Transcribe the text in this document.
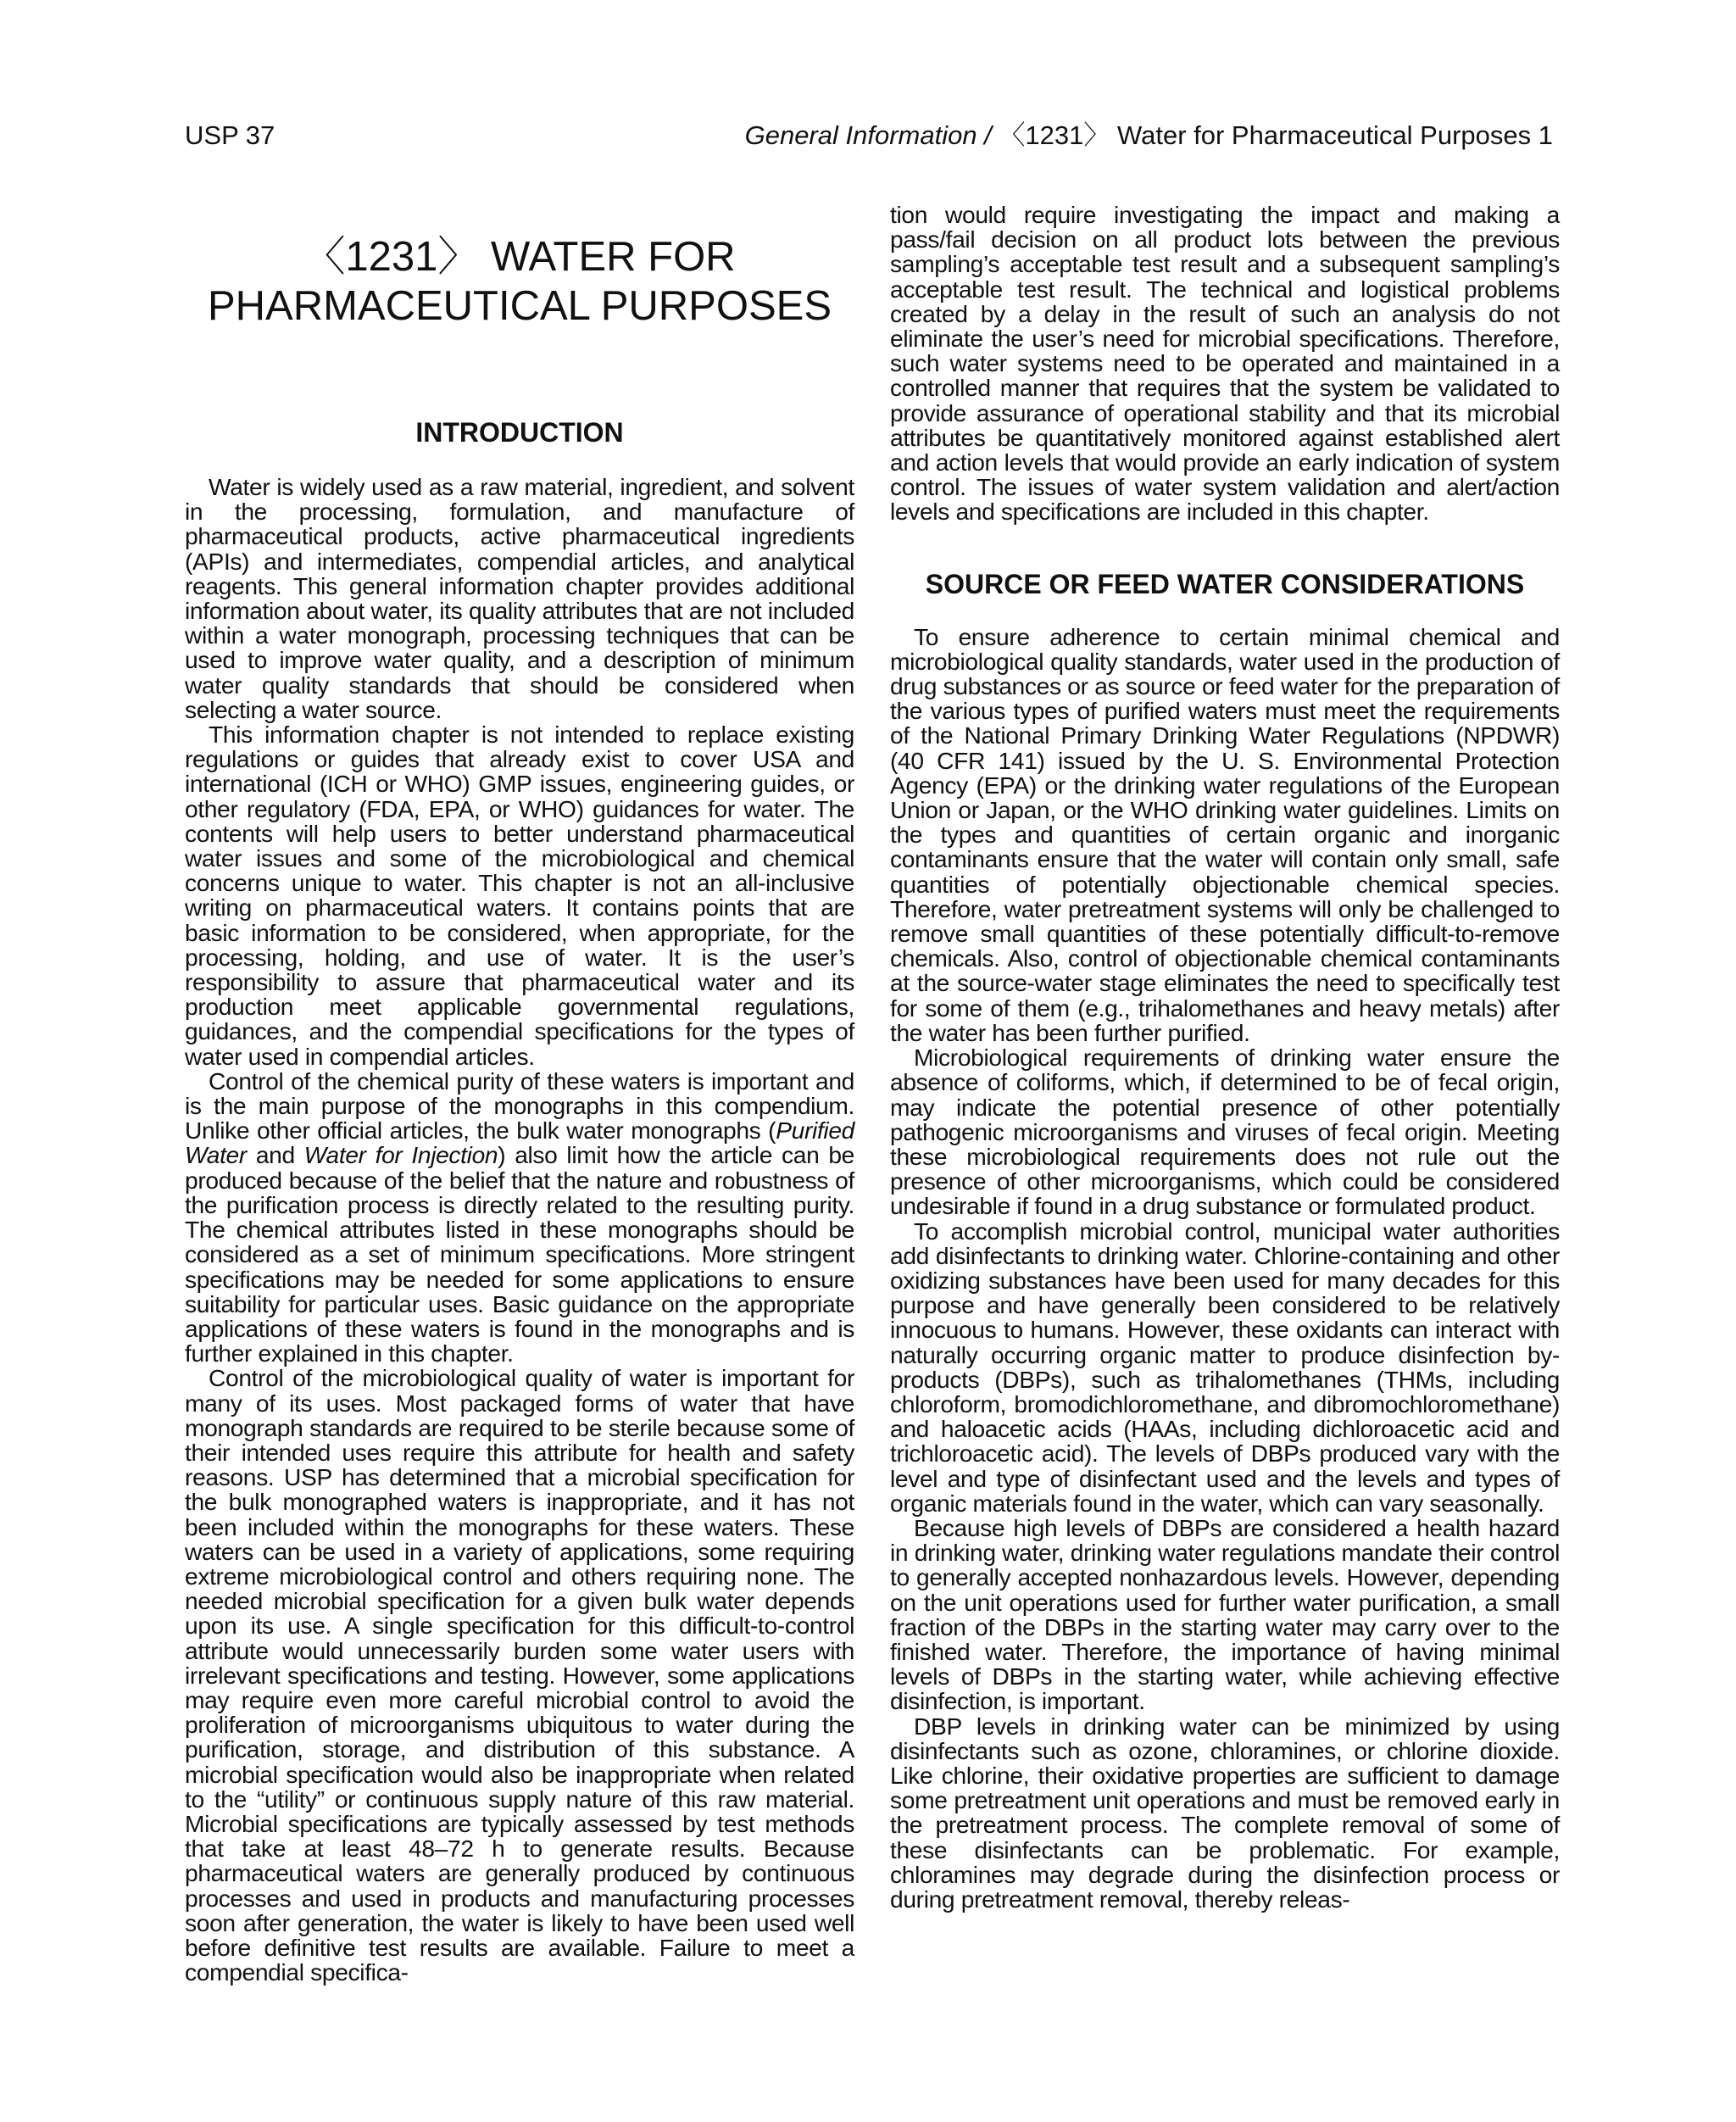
USP 37	General Information / 〈1231〉 Water for Pharmaceutical Purposes 1
〈1231〉 WATER FOR
PHARMACEUTICAL PURPOSES
INTRODUCTION

Water is widely used as a raw material, ingredient, and solvent in the processing, formulation, and manufacture of pharmaceutical products, active pharmaceutical ingredients (APIs) and intermediates, compendial articles, and analytical reagents. This general information chapter provides additional information about water, its quality attributes that are not included within a water monograph, processing techniques that can be used to improve water quality, and a description of minimum water quality standards that should be considered when selecting a water source.

This information chapter is not intended to replace existing regulations or guides that already exist to cover USA and international (ICH or WHO) GMP issues, engineering guides, or other regulatory (FDA, EPA, or WHO) guidances for water. The contents will help users to better understand pharmaceutical water issues and some of the microbiological and chemical concerns unique to water. This chapter is not an all-inclusive writing on pharmaceutical waters. It contains points that are basic information to be considered, when appropriate, for the processing, holding, and use of water. It is the user’s responsibility to assure that pharmaceutical water and its production meet applicable governmental regulations, guidances, and the compendial specifications for the types of water used in compendial articles.

Control of the chemical purity of these waters is important and is the main purpose of the monographs in this compendium. Unlike other official articles, the bulk water monographs (Purified Water and Water for Injection) also limit how the article can be produced because of the belief that the nature and robustness of the purification process is directly related to the resulting purity. The chemical attributes listed in these monographs should be considered as a set of minimum specifications. More stringent specifications may be needed for some applications to ensure suitability for particular uses. Basic guidance on the appropriate applications of these waters is found in the monographs and is further explained in this chapter.

Control of the microbiological quality of water is important for many of its uses. Most packaged forms of water that have monograph standards are required to be sterile because some of their intended uses require this attribute for health and safety reasons. USP has determined that a microbial specification for the bulk monographed waters is inappropriate, and it has not been included within the monographs for these waters. These waters can be used in a variety of applications, some requiring extreme microbiological control and others requiring none. The needed microbial specification for a given bulk water depends upon its use. A single specification for this difficult-to-control attribute would unnecessarily burden some water users with irrelevant specifications and testing. However, some applications may require even more careful microbial control to avoid the proliferation of microorganisms ubiquitous to water during the purification, storage, and distribution of this substance. A microbial specification would also be inappropriate when related to the “utility” or continuous supply nature of this raw material. Microbial specifications are typically assessed by test methods that take at least 48–72 h to generate results. Because pharmaceutical waters are generally produced by continuous processes and used in products and manufacturing processes soon after generation, the water is likely to have been used well before definitive test results are available. Failure to meet a compendial specifica-

tion would require investigating the impact and making a pass/fail decision on all product lots between the previous sampling’s acceptable test result and a subsequent sampling’s acceptable test result. The technical and logistical problems created by a delay in the result of such an analysis do not eliminate the user’s need for microbial specifications. Therefore, such water systems need to be operated and maintained in a controlled manner that requires that the system be validated to provide assurance of operational stability and that its microbial attributes be quantitatively monitored against established alert and action levels that would provide an early indication of system control. The issues of water system validation and alert/action levels and specifications are included in this chapter.

SOURCE OR FEED WATER CONSIDERATIONS

To ensure adherence to certain minimal chemical and microbiological quality standards, water used in the production of drug substances or as source or feed water for the preparation of the various types of purified waters must meet the requirements of the National Primary Drinking Water Regulations (NPDWR) (40 CFR 141) issued by the U. S. Environmental Protection Agency (EPA) or the drinking water regulations of the European Union or Japan, or the WHO drinking water guidelines. Limits on the types and quantities of certain organic and inorganic contaminants ensure that the water will contain only small, safe quantities of potentially objectionable chemical species. Therefore, water pretreatment systems will only be challenged to remove small quantities of these potentially difficult-to-remove chemicals. Also, control of objectionable chemical contaminants at the source-water stage eliminates the need to specifically test for some of them (e.g., trihalomethanes and heavy metals) after the water has been further purified.

Microbiological requirements of drinking water ensure the absence of coliforms, which, if determined to be of fecal origin, may indicate the potential presence of other potentially pathogenic microorganisms and viruses of fecal origin. Meeting these microbiological requirements does not rule out the presence of other microorganisms, which could be considered undesirable if found in a drug substance or formulated product.

To accomplish microbial control, municipal water authorities add disinfectants to drinking water. Chlorine-containing and other oxidizing substances have been used for many decades for this purpose and have generally been considered to be relatively innocuous to humans. However, these oxidants can interact with naturally occurring organic matter to produce disinfection by-products (DBPs), such as trihalomethanes (THMs, including chloroform, bromodichloromethane, and dibromochloromethane) and haloacetic acids (HAAs, including dichloroacetic acid and trichloroacetic acid). The levels of DBPs produced vary with the level and type of disinfectant used and the levels and types of organic materials found in the water, which can vary seasonally.

Because high levels of DBPs are considered a health hazard in drinking water, drinking water regulations mandate their control to generally accepted nonhazardous levels. However, depending on the unit operations used for further water purification, a small fraction of the DBPs in the starting water may carry over to the finished water. Therefore, the importance of having minimal levels of DBPs in the starting water, while achieving effective disinfection, is important.

DBP levels in drinking water can be minimized by using disinfectants such as ozone, chloramines, or chlorine dioxide. Like chlorine, their oxidative properties are sufficient to damage some pretreatment unit operations and must be removed early in the pretreatment process. The complete removal of some of these disinfectants can be problematic. For example, chloramines may degrade during the disinfection process or during pretreatment removal, thereby releas-
